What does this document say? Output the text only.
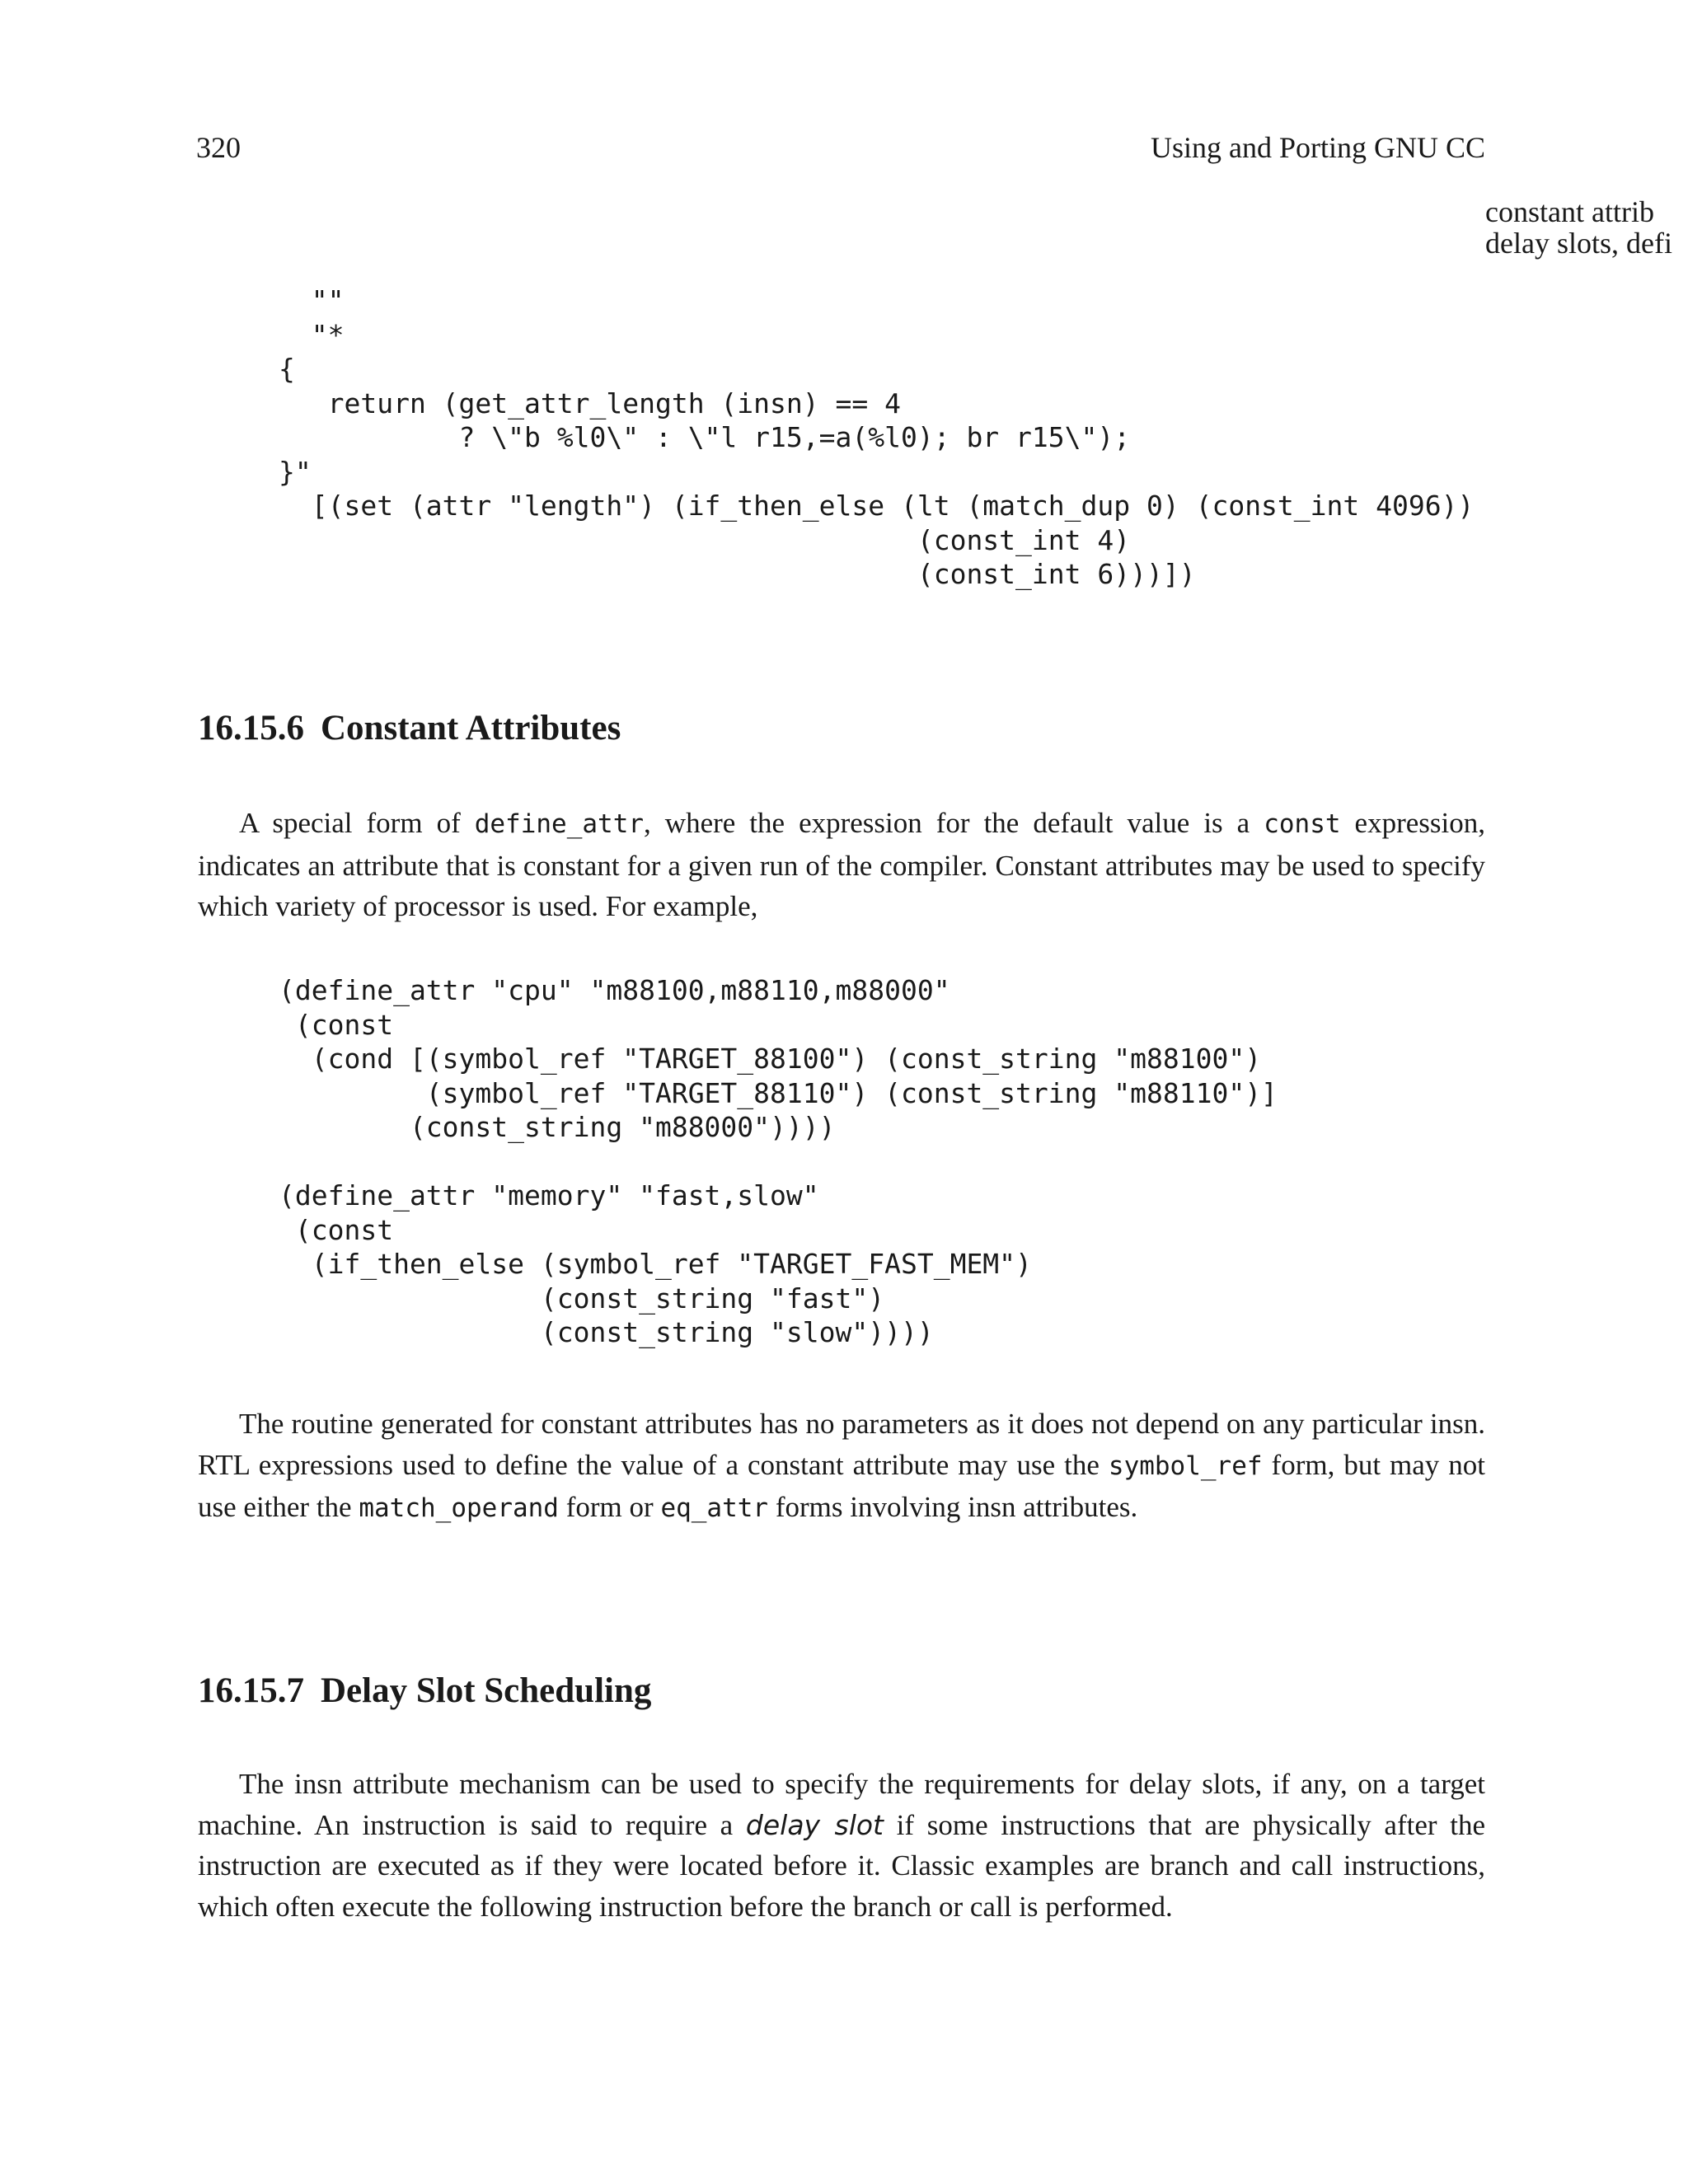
320	Using and Porting GNU CC
constant attrib
delay slots, defi
""
"*
{
return (get_attr_length (insn) == 4
? \"b %l0\" : \"l r15,=a(%l0); br r15\");
}"
[(set (attr "length") (if_then_else (lt (match_dup 0) (const_int 4096))
(const_int 4)
(const_int 6)))])
16.15.6 Constant Attributes

A special form of define_attr, where the expression for the default value is a const expression, indicates an attribute that is constant for a given run of the compiler. Constant attributes may be used to specify which variety of processor is used. For example,

(define_attr "cpu" "m88100,m88110,m88000"
(const
(cond [(symbol_ref "TARGET_88100") (const_string "m88100")
(symbol_ref "TARGET_88110") (const_string "m88110")]
(const_string "m88000"))))

(define_attr "memory" "fast,slow"
(const
(if_then_else (symbol_ref "TARGET_FAST_MEM")
(const_string "fast")
(const_string "slow"))))

The routine generated for constant attributes has no parameters as it does not depend on any particular insn. RTL expressions used to define the value of a constant attribute may use the symbol_ref form, but may not use either the match_operand form or eq_attr forms involving insn attributes.

16.15.7 Delay Slot Scheduling

The insn attribute mechanism can be used to specify the requirements for delay slots, if any, on a target machine. An instruction is said to require a delay slot if some instructions that are physically after the instruction are executed as if they were located before it. Classic examples are branch and call instructions, which often execute the following instruction before the branch or call is performed.
